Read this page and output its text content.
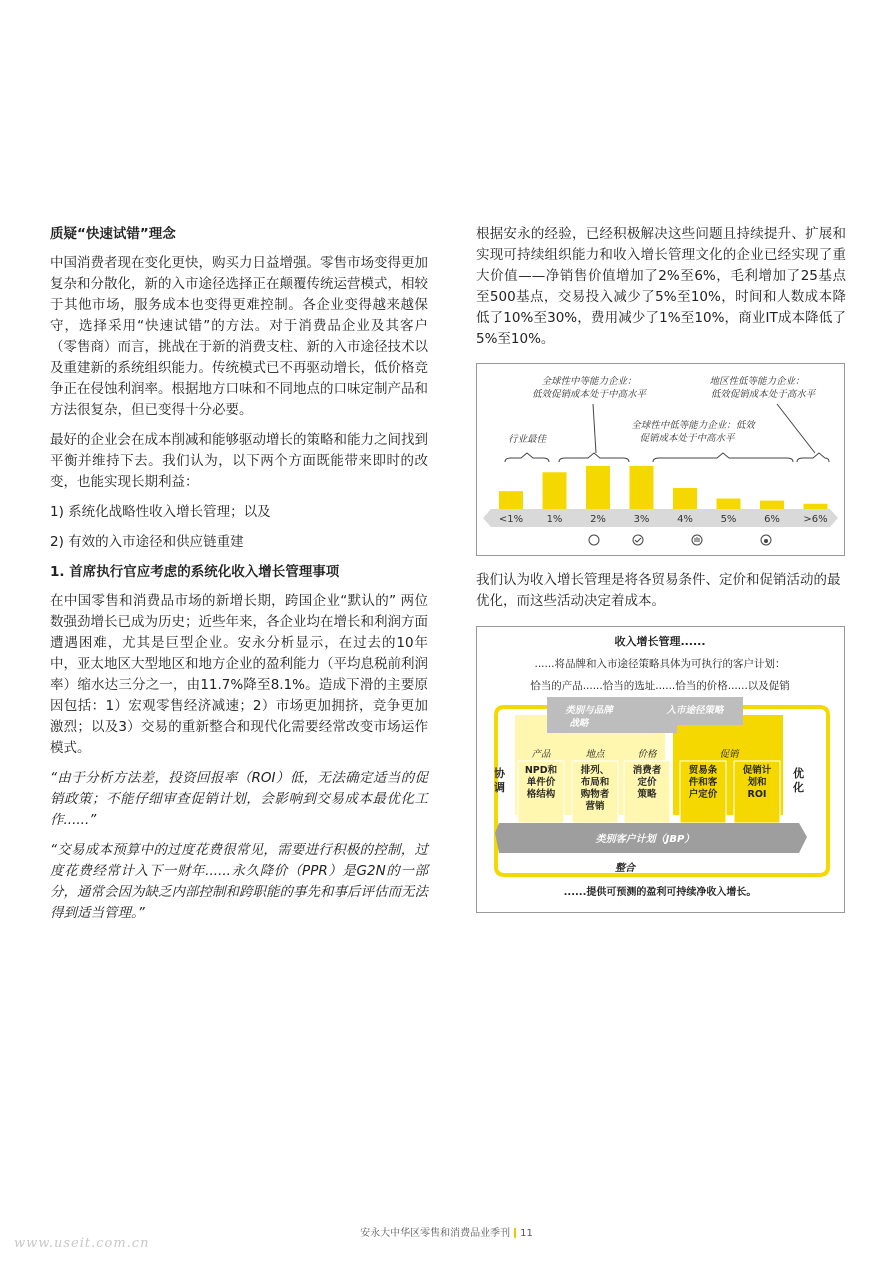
质疑“快速试错”理念
中国消费者现在变化更快，购买力日益增强。零售市场变得更加复杂和分散化，新的入市途径选择正在颠覆传统运营模式，相较于其他市场，服务成本也变得更难控制。各企业变得越来越保守，选择采用“快速试错”的方法。对于消费品企业及其客户（零售商）而言，挑战在于新的消费支柱、新的入市途径技术以及重建新的系统组织能力。传统模式已不再驱动增长，低价格竞争正在侵蚀利润率。根据地方口味和不同地点的口味定制产品和方法很复杂，但已变得十分必要。
最好的企业会在成本削减和能够驱动增长的策略和能力之间找到平衡并维持下去。我们认为，以下两个方面既能带来即时的改变，也能实现长期利益：
1) 系统化战略性收入增长管理；以及
2) 有效的入市途径和供应链重建
1. 首席执行官应考虑的系统化收入增长管理事项
在中国零售和消费品市场的新增长期，跨国企业“默认的” 两位数强劲增长已成为历史；近些年来，各企业均在增长和利润方面遭遇困难，尤其是巨型企业。安永分析显示，在过去的10年中，亚太地区大型地区和地方企业的盈利能力（平均息税前利润率）缩水达三分之一，由11.7%降至8.1%。造成下滑的主要原因包括：1）宏观零售经济减速；2）市场更加拥挤，竞争更加激烈；以及3）交易的重新整合和现代化需要经常改变市场运作模式。
“由于分析方法差，投资回报率（ROI）低，无法确定适当的促销政策；不能仔细审查促销计划，会影响到交易成本最优化工作......”
“交易成本预算中的过度花费很常见，需要进行积极的控制，过度花费经常计入下一财年......永久降价（PPR）是G2N的一部分，通常会因为缺乏内部控制和跨职能的事先和事后评估而无法得到适当管理。”
根据安永的经验，已经积极解决这些问题且持续提升、扩展和实现可持续组织能力和收入增长管理文化的企业已经实现了重大价值——净销售价值增加了2%至6%，毛利增加了25基点至500基点，交易投入减少了5%至10%，时间和人数成本降低了10%至30%，费用减少了1%至10%，商业IT成本降低了5%至10%。
全球性中等能力企业：
低效促销成本处于中高水平
地区性低等能力企业：
低效促销成本处于高水平
全球性中低等能力企业：低效
促销成本处于中高水平
行业最佳
<1% 1%	2%	3%	4%	5%	6% >6%
我们认为收入增长管理是将各贸易条件、定价和促销活动的最优化，而这些活动决定着成本。
收入增长管理......
......将品牌和入市途径策略具体为可执行的客户计划：
恰当的产品......恰当的选址......恰当的价格......以及促销
类别与品牌
战略
入市途径策略
协调
优化
产品
NPD和
单件价
格结构
地点
排列、
布局和
购物者
营销
价格
消费者
定价
策略
促销
贸易条
件和客
户定价
促销计
划和
ROI
类别客户计划（JBP）
整合
......提供可预测的盈利可持续净收入增长。
安永大中华区零售和消费品业季刊 11
www.useit.com.cn
